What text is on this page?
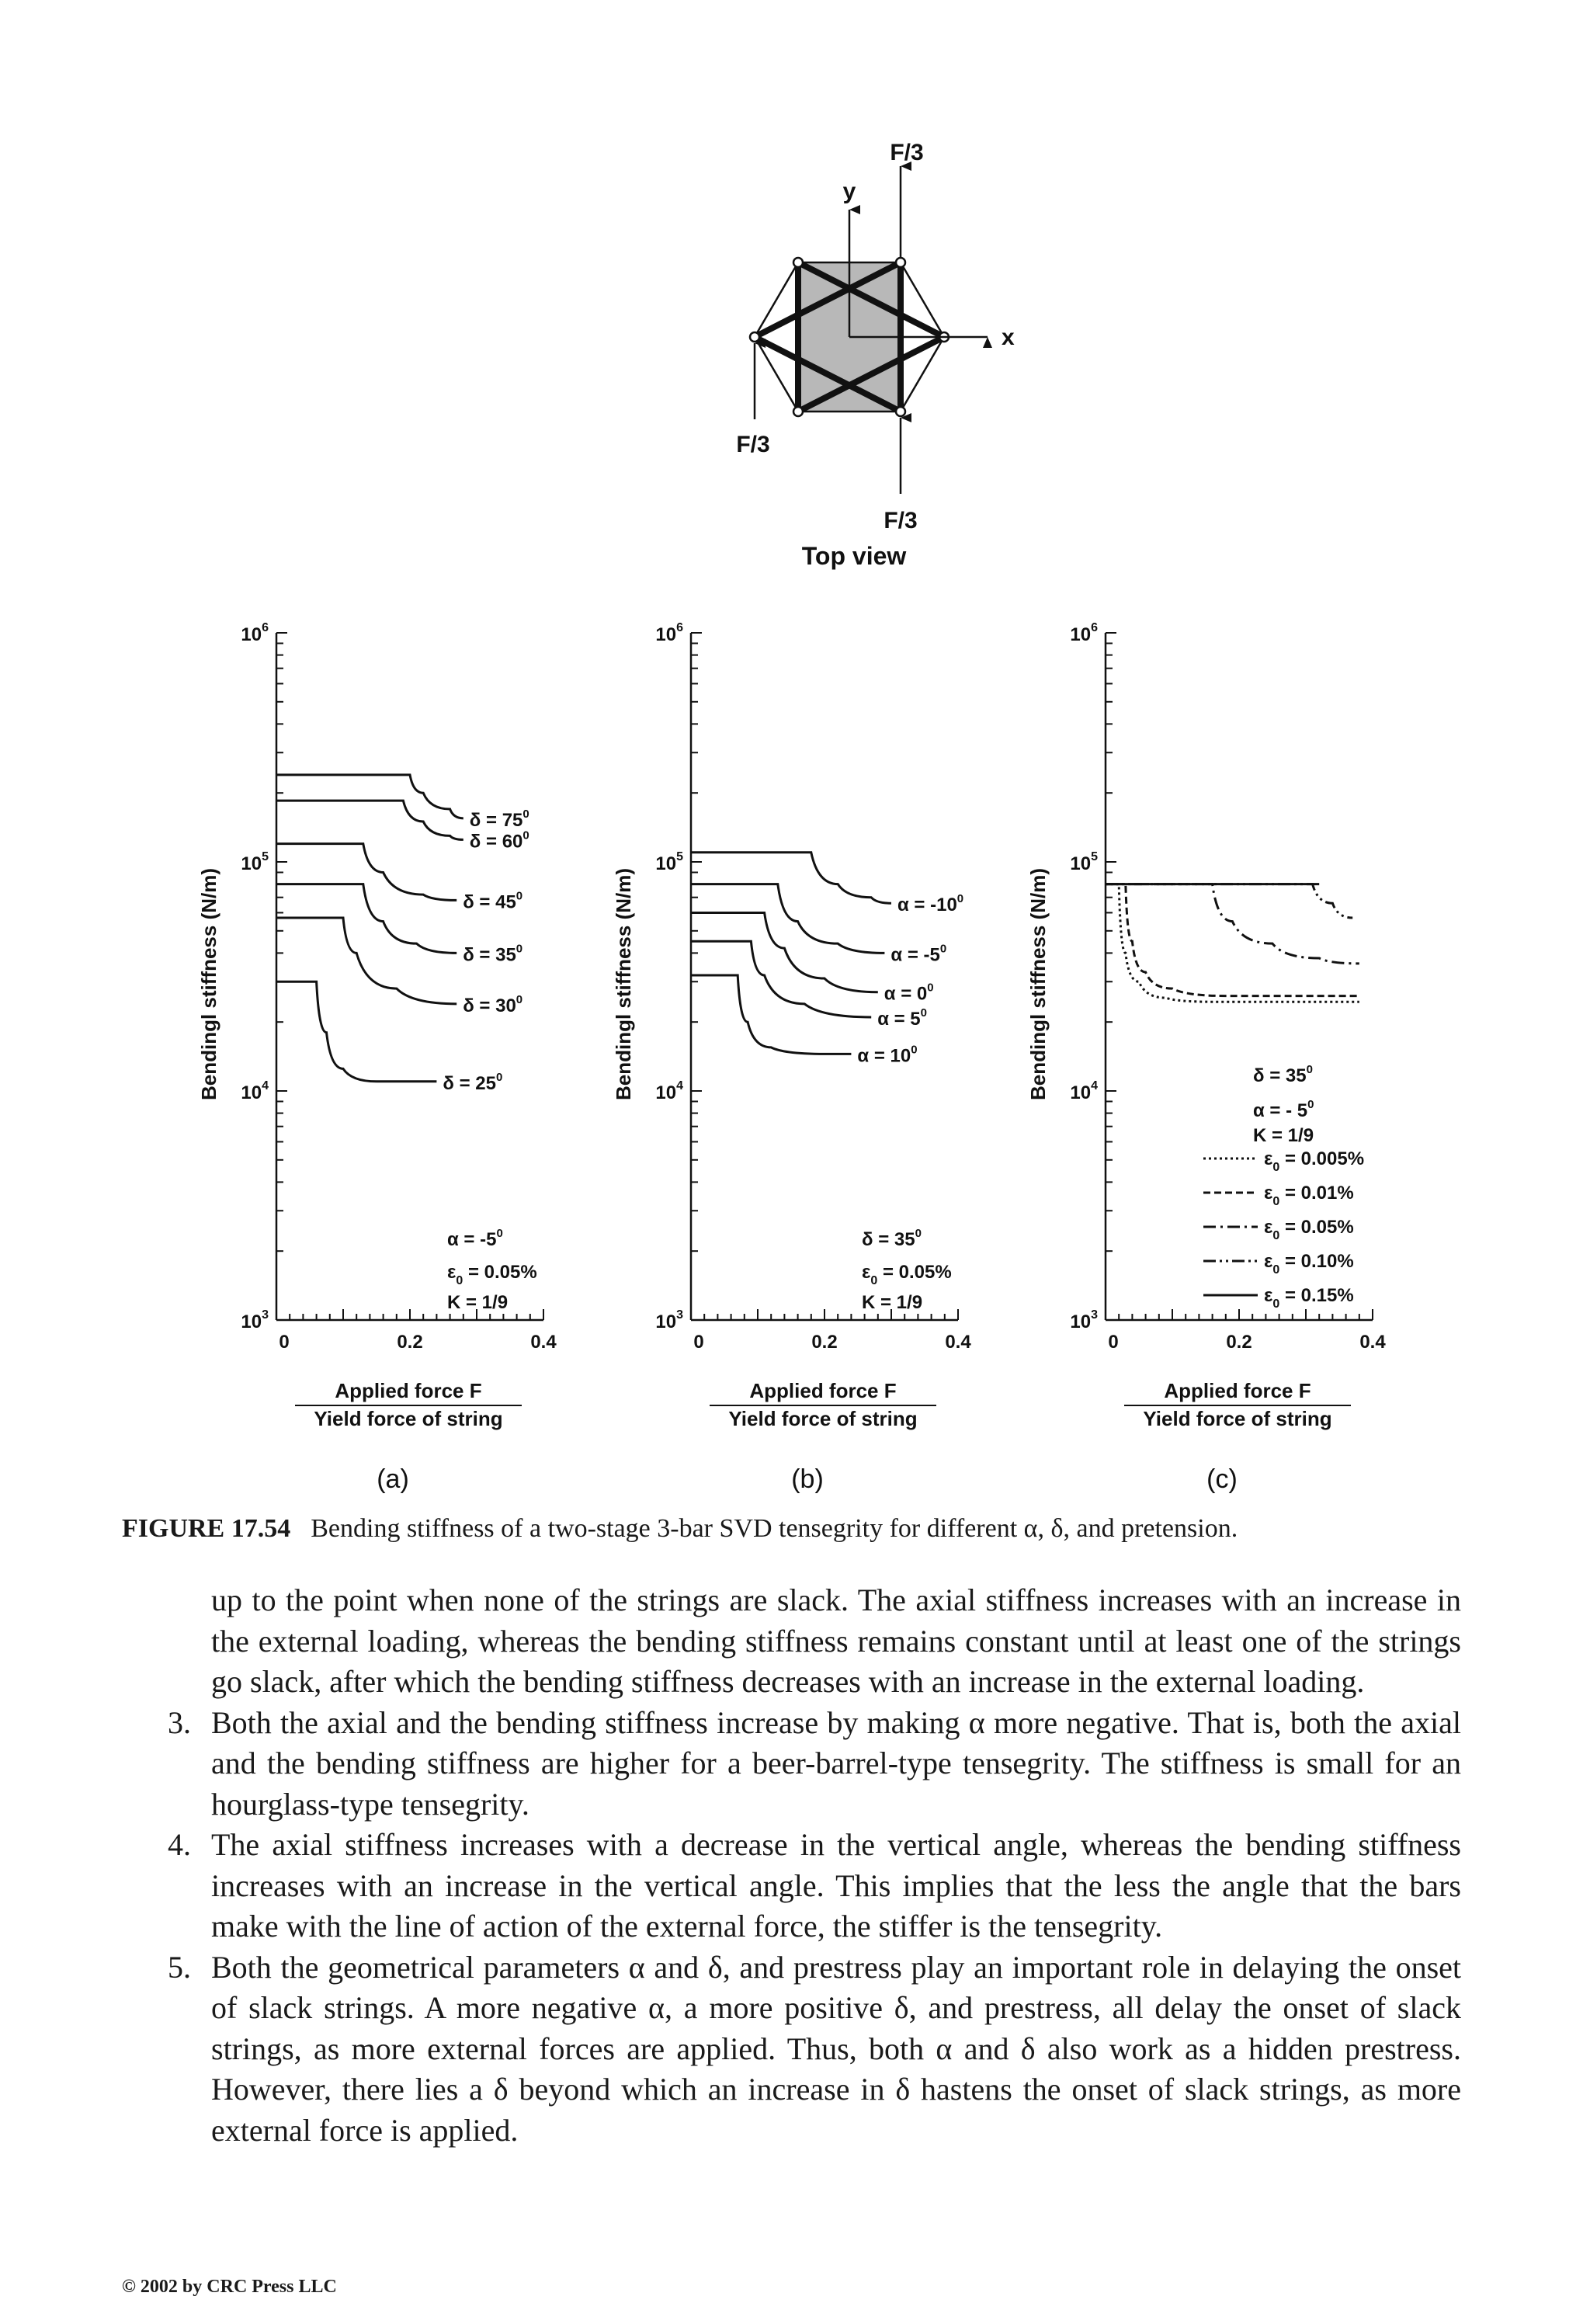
F/3
y
x
F/3
F/3
Top view
$10^3$
$10^4$
$10^5$
$10^6$
0	0.2	0.4
Bendingl stiffness (N/m)
Applied force F
Yield force of string
(a)
$\delta = 75^0$
$\delta = 60^0$
$\delta = 45^0$
$\delta = 35^0$
$\delta = 30^0$
$\delta = 25^0$
$\alpha = -5^0$
$\varepsilon_0 = 0.05\%$
K = 1/9
$10^3$
$10^4$
$10^5$
$10^6$
0	0.2	0.4
Bendingl stiffness (N/m)
Applied force F
Yield force of string
(b)
$\alpha = -10^0$
$\alpha = -5^0$
$\alpha = 0^0$
$\alpha = 5^0$
$\alpha = 10^0$
$\delta = 35^0$
$\varepsilon_0 = 0.05\%$
K = 1/9
$10^3$
$10^4$
$10^5$
$10^6$
0	0.2	0.4
Bendingl stiffness (N/m)
Applied force F
Yield force of string
(c)
$\delta = 35^0$
α = - $5^0$
K = 1/9
$\varepsilon_0 = 0.005\%$
$\varepsilon_0 = 0.01\%$
$\varepsilon_0 = 0.05\%$
$\varepsilon_0 = 0.10\%$
$\varepsilon_0 = 0.15\%$
FIGURE 17.54 Bending stiffness of a two-stage 3-bar SVD tensegrity for different α, δ, and pretension.

up to the point when none of the strings are slack. The axial stiffness increases with an increase in the external loading, whereas the bending stiffness remains constant until at least one of the strings go slack, after which the bending stiffness decreases with an increase in the external loading.

3. Both the axial and the bending stiffness increase by making α more negative. That is, both the axial and the bending stiffness are higher for a beer-barrel-type tensegrity. The stiffness is small for an hourglass-type tensegrity.

4. The axial stiffness increases with a decrease in the vertical angle, whereas the bending stiffness increases with an increase in the vertical angle. This implies that the less the angle that the bars make with the line of action of the external force, the stiffer is the tensegrity.

5. Both the geometrical parameters α and δ, and prestress play an important role in delaying the onset of slack strings. A more negative α, a more positive δ, and prestress, all delay the onset of slack strings, as more external forces are applied. Thus, both α and δ also work as a hidden prestress. However, there lies a δ beyond which an increase in δ hastens the onset of slack strings, as more external force is applied.

© 2002 by CRC Press LLC
